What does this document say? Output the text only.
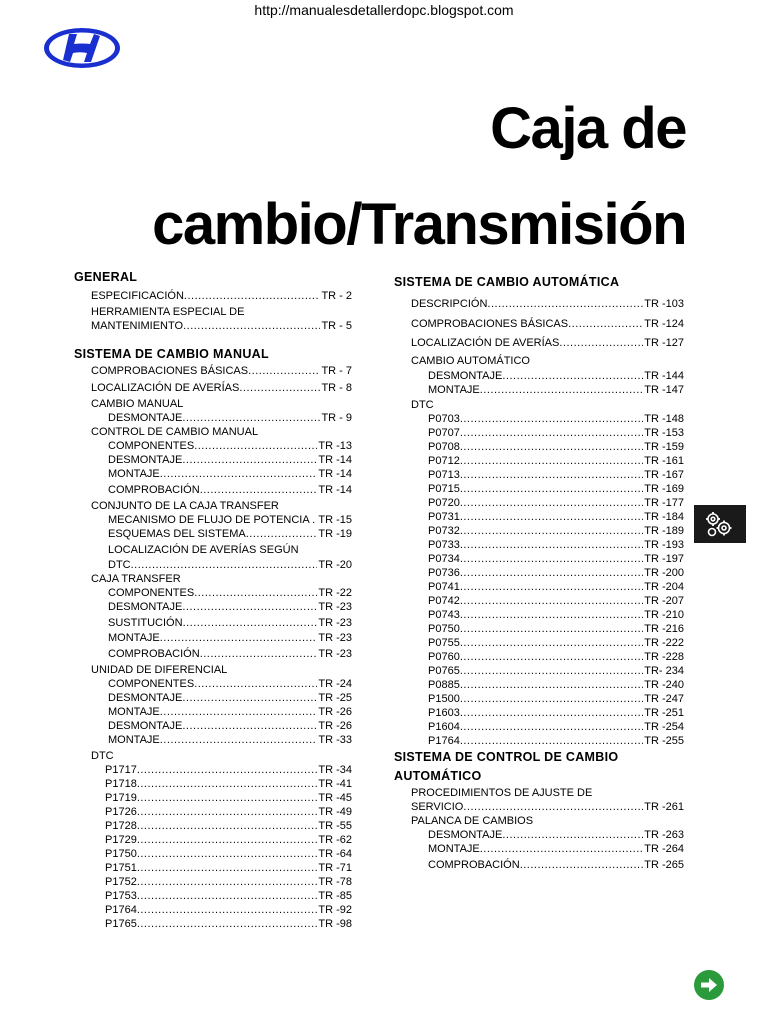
http://manualesdetallerdopc.blogspot.com
Caja de
cambio/Transmisión
GENERAL
ESPECIFICACIÓN .....	TR - 2
HERRAMIENTA ESPECIAL DE
MANTENIMIENTO .....	TR - 5
SISTEMA DE CAMBIO MANUAL
COMPROBACIONES BÁSICAS .....	TR - 7
LOCALIZACIÓN DE AVERÍAS .....	TR - 8
CAMBIO MANUAL
DESMONTAJE .....	TR - 9
CONTROL DE CAMBIO MANUAL
COMPONENTES .....	TR -13
DESMONTAJE .....	TR -14
MONTAJE .....	TR -14
COMPROBACIÓN .....	TR -14
CONJUNTO DE LA CAJA TRANSFER
MECANISMO DE FLUJO DE POTENCIA . TR -15
ESQUEMAS DEL SISTEMA .....	TR -19
LOCALIZACIÓN DE AVERÍAS SEGÚN
DTC .....	TR -20
CAJA TRANSFER
COMPONENTES .....	TR -22
DESMONTAJE .....	TR -23
SUSTITUCIÓN .....	TR -23
MONTAJE .....	TR -23
COMPROBACIÓN .....	TR -23
UNIDAD DE DIFERENCIAL
COMPONENTES .....	TR -24
DESMONTAJE .....	TR -25
MONTAJE .....	TR -26
DESMONTAJE .....	TR -26
MONTAJE .....	TR -33
DTC
P1717 .....	TR -34
P1718 .....	TR -41
P1719 .....	TR -45
P1726 .....	TR -49
P1728 .....	TR -55
P1729 .....	TR -62
P1750 .....	TR -64
P1751 .....	TR -71
P1752 .....	TR -78
P1753 .....	TR -85
P1764 .....	TR -92
P1765 .....	TR -98
SISTEMA DE CAMBIO AUTOMÁTICA
DESCRIPCIÓN .....	TR -103
COMPROBACIONES BÁSICAS .....	TR -124
LOCALIZACIÓN DE AVERÍAS .....	TR -127
CAMBIO AUTOMÁTICO
DESMONTAJE .....	TR -144
MONTAJE .....	TR -147
DTC
P0703 .....	TR -148
P0707 .....	TR -153
P0708 .....	TR -159
P0712 .....	TR -161
P0713 .....	TR -167
P0715 .....	TR -169
P0720 .....	TR -177
P0731 .....	TR -184
P0732 .....	TR -189
P0733 .....	TR -193
P0734 .....	TR -197
P0736 .....	TR -200
P0741 .....	TR -204
P0742 .....	TR -207
P0743 .....	TR -210
P0750 .....	TR -216
P0755 .....	TR -222
P0760 .....	TR -228
P0765 .....	TR- 234
P0885 .....	TR -240
P1500 .....	TR -247
P1603 .....	TR -251
P1604 .....	TR -254
P1764 .....	TR -255
SISTEMA DE CONTROL DE CAMBIO
AUTOMÁTICO
PROCEDIMIENTOS DE AJUSTE DE
SERVICIO .....	TR -261
PALANCA DE CAMBIOS
DESMONTAJE .....	TR -263
MONTAJE .....	TR -264
COMPROBACIÓN .....	TR -265
